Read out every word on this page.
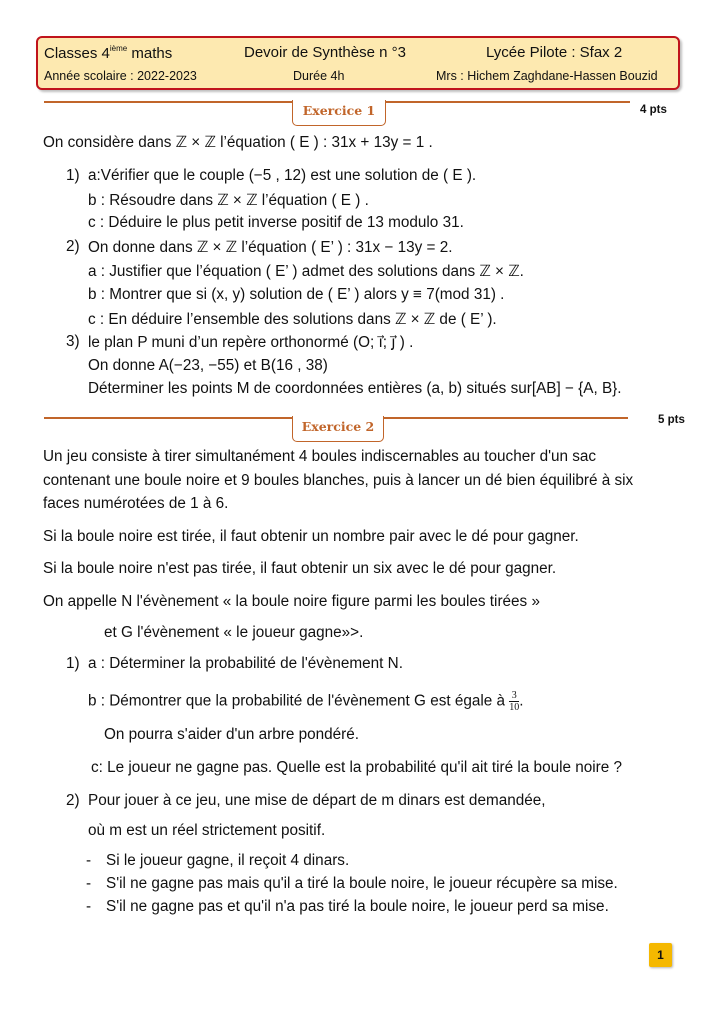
Classes 4ième maths	Devoir de Synthèse n °3	Lycée Pilote : Sfax 2
Année scolaire : 2022-2023	Durée 4h	Mrs : Hichem Zaghdane-Hassen Bouzid
Exercice 1	4 pts
On considère dans ℤ × ℤ l’équation ( E ) : 31x + 13y = 1 .
1) a:Vérifier que le couple (−5 , 12) est une solution de ( E ).
b : Résoudre dans ℤ × ℤ l’équation ( E ) .
c : Déduire le plus petit inverse positif de 13 modulo 31.
2) On donne dans ℤ × ℤ l’équation ( E’ ) : 31x − 13y = 2.
a : Justifier que l’équation ( E’ ) admet des solutions dans ℤ × ℤ.
b : Montrer que si (x, y) solution de ( E’ ) alors y ≡ 7(mod 31) .
c : En déduire l’ensemble des solutions dans ℤ × ℤ de ( E’ ).
3) le plan P muni d’un repère orthonormé (O; i⃗; j⃗ ) .
On donne A(−23, −55) et B(16 , 38)
Déterminer les points M de coordonnées entières (a, b) situés sur[AB] − {A, B}.
Exercice 2	5 pts
Un jeu consiste à tirer simultanément 4 boules indiscernables au toucher d'un sac
contenant une boule noire et 9 boules blanches, puis à lancer un dé bien équilibré à six
faces numérotées de 1 à 6.
Si la boule noire est tirée, il faut obtenir un nombre pair avec le dé pour gagner.
Si la boule noire n'est pas tirée, il faut obtenir un six avec le dé pour gagner.
On appelle N l'évènement « la boule noire figure parmi les boules tirées »
et G l'évènement « le joueur gagne»>.
1) a : Déterminer la probabilité de l'évènement N.
b : Démontrer que la probabilité de l'évènement G est égale à $\frac{3}{10}$ .
On pourra s'aider d'un arbre pondéré.
c: Le joueur ne gagne pas. Quelle est la probabilité qu'il ait tiré la boule noire ?
2) Pour jouer à ce jeu, une mise de départ de m dinars est demandée,
où m est un réel strictement positif.
- Si le joueur gagne, il reçoit 4 dinars.
- S'il ne gagne pas mais qu'il a tiré la boule noire, le joueur récupère sa mise.
- S'il ne gagne pas et qu'il n'a pas tiré la boule noire, le joueur perd sa mise.
1
